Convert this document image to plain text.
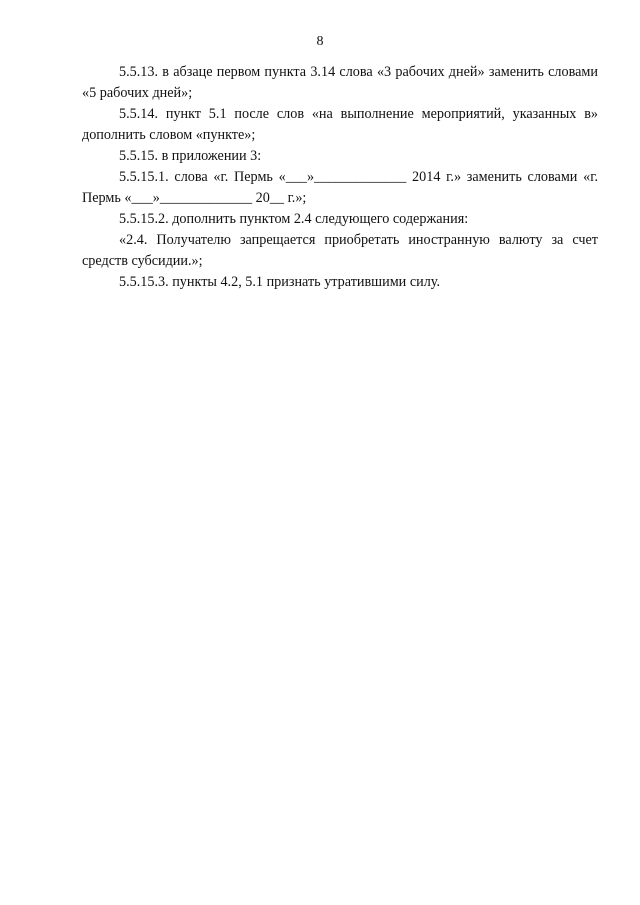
8

5.5.13. в абзаце первом пункта 3.14 слова «3 рабочих дней» заменить словами «5 рабочих дней»;

5.5.14. пункт 5.1 после слов «на выполнение мероприятий, указанных в» дополнить словом «пункте»;

5.5.15. в приложении 3:

5.5.15.1. слова «г. Пермь «___»_____________ 2014 г.» заменить словами «г. Пермь «___»_____________ 20__ г.»;

5.5.15.2. дополнить пунктом 2.4 следующего содержания:

«2.4. Получателю запрещается приобретать иностранную валюту за счет средств субсидии.»;

5.5.15.3. пункты 4.2, 5.1 признать утратившими силу.
